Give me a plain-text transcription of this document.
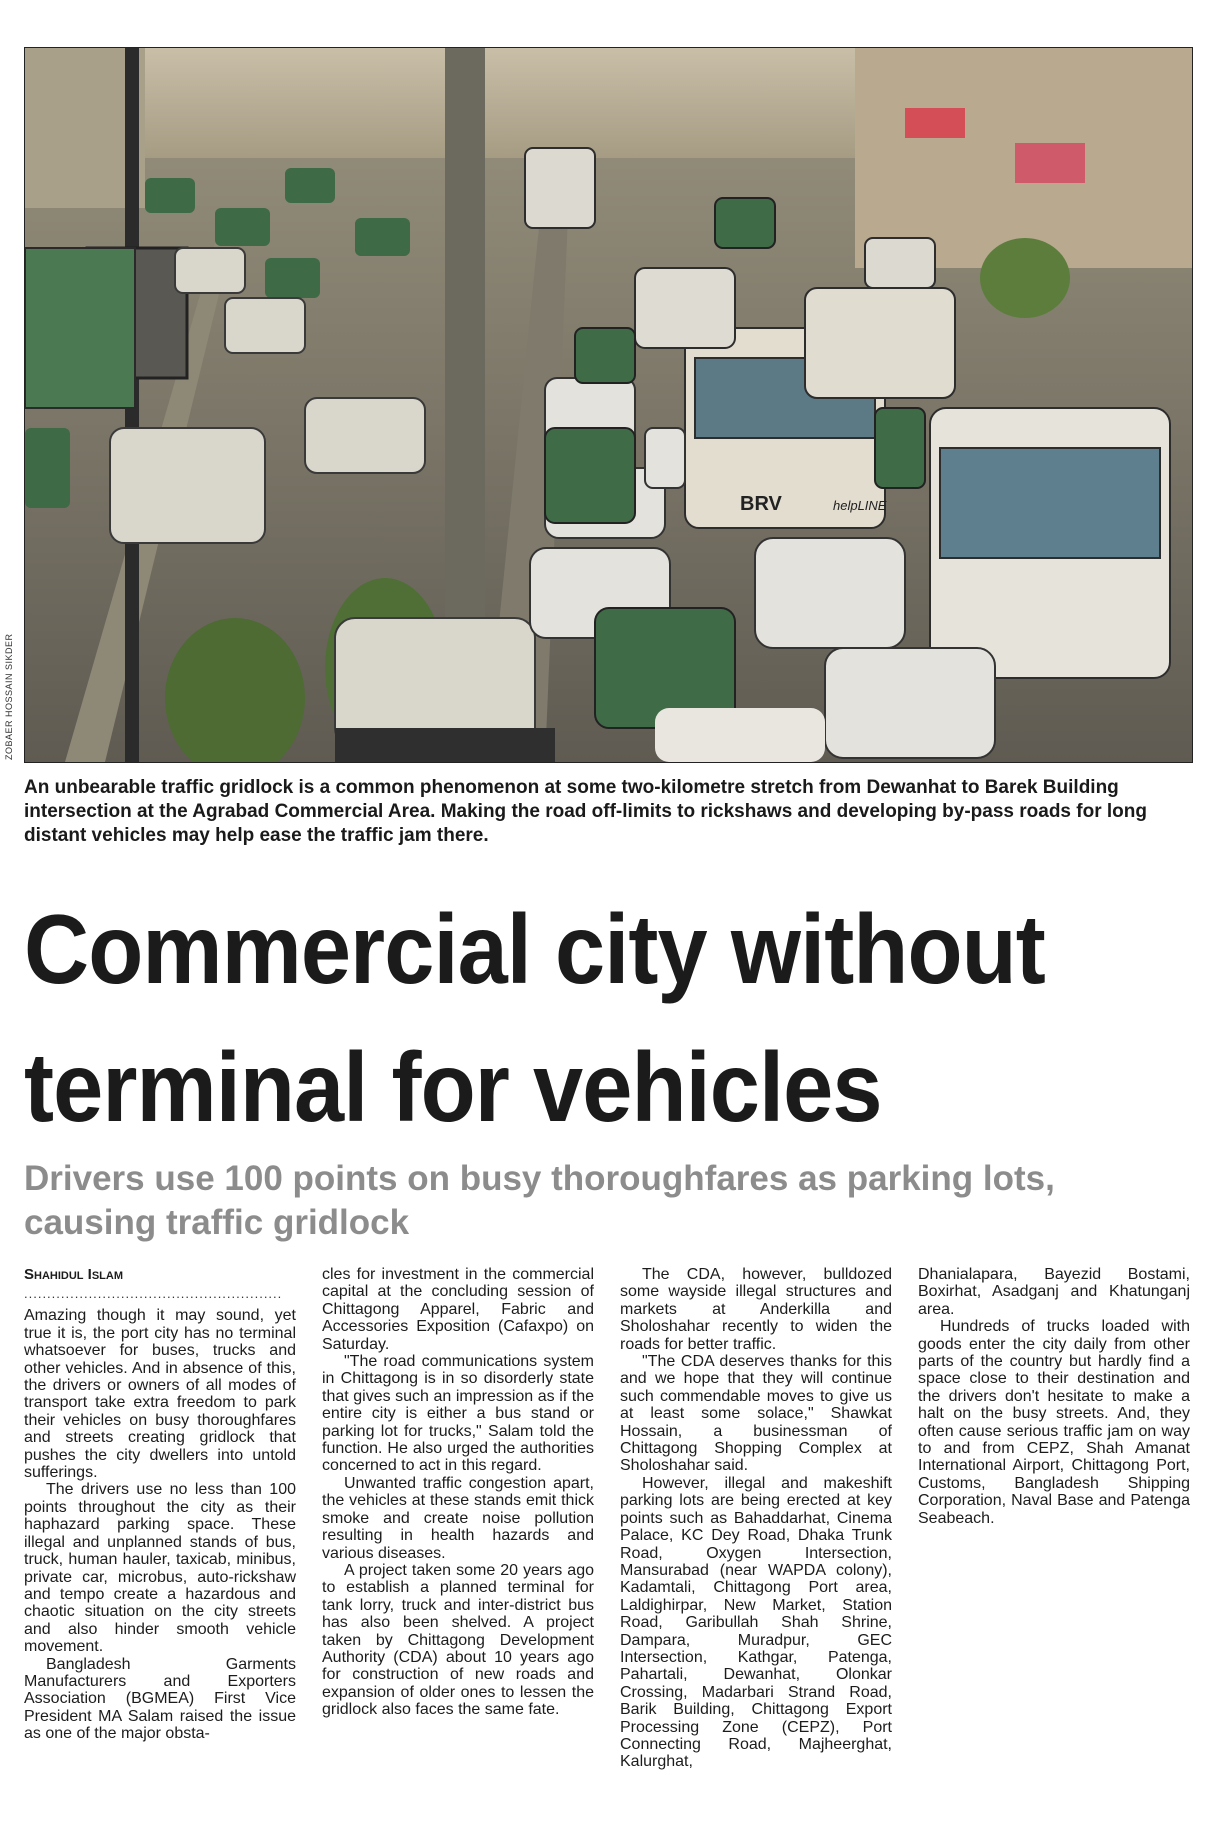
BRV	helpLINE
ZOBAER HOSSAIN SIKDER
An unbearable traffic gridlock is a common phenomenon at some two-kilometre stretch from Dewanhat to Barek Building intersection at the Agrabad Commercial Area. Making the road off-limits to rickshaws and developing by-pass roads for long distant vehicles may help ease the traffic jam there.
Commercial city without
terminal for vehicles
Drivers use 100 points on busy thoroughfares as parking lots, causing traffic gridlock
Shahidul Islam
........................................................

Amazing though it may sound, yet true it is, the port city has no terminal whatsoever for buses, trucks and other vehicles. And in absence of this, the drivers or owners of all modes of transport take extra freedom to park their vehicles on busy thoroughfares and streets creating gridlock that pushes the city dwellers into untold sufferings.

The drivers use no less than 100 points throughout the city as their haphazard parking space. These illegal and unplanned stands of bus, truck, human hauler, taxicab, minibus, private car, microbus, auto-rickshaw and tempo create a hazardous and chaotic situation on the city streets and also hinder smooth vehicle movement.

Bangladesh Garments Manufacturers and Exporters Association (BGMEA) First Vice President MA Salam raised the issue as one of the major obsta-

cles for investment in the commercial capital at the concluding session of Chittagong Apparel, Fabric and Accessories Exposition (Cafaxpo) on Saturday.

"The road communications system in Chittagong is in so disorderly state that gives such an impression as if the entire city is either a bus stand or parking lot for trucks," Salam told the function. He also urged the authorities concerned to act in this regard.

Unwanted traffic congestion apart, the vehicles at these stands emit thick smoke and create noise pollution resulting in health hazards and various diseases.

A project taken some 20 years ago to establish a planned terminal for tank lorry, truck and inter-district bus has also been shelved. A project taken by Chittagong Development Authority (CDA) about 10 years ago for construction of new roads and expansion of older ones to lessen the gridlock also faces the same fate.

The CDA, however, bulldozed some wayside illegal structures and markets at Anderkilla and Sholoshahar recently to widen the roads for better traffic.

"The CDA deserves thanks for this and we hope that they will continue such commendable moves to give us at least some solace," Shawkat Hossain, a businessman of Chittagong Shopping Complex at Sholoshahar said.

However, illegal and makeshift parking lots are being erected at key points such as Bahaddarhat, Cinema Palace, KC Dey Road, Dhaka Trunk Road, Oxygen Intersection, Mansurabad (near WAPDA colony), Kadamtali, Chittagong Port area, Laldighirpar, New Market, Station Road, Garibullah Shah Shrine, Dampara, Muradpur, GEC Intersection, Kathgar, Patenga, Pahartali, Dewanhat, Olonkar Crossing, Madarbari Strand Road, Barik Building, Chittagong Export Processing Zone (CEPZ), Port Connecting Road, Majheerghat, Kalurghat,

Dhanialapara, Bayezid Bostami, Boxirhat, Asadganj and Khatunganj area.

Hundreds of trucks loaded with goods enter the city daily from other parts of the country but hardly find a space close to their destination and the drivers don't hesitate to make a halt on the busy streets. And, they often cause serious traffic jam on way to and from CEPZ, Shah Amanat International Airport, Chittagong Port, Customs, Bangladesh Shipping Corporation, Naval Base and Patenga Seabeach.
